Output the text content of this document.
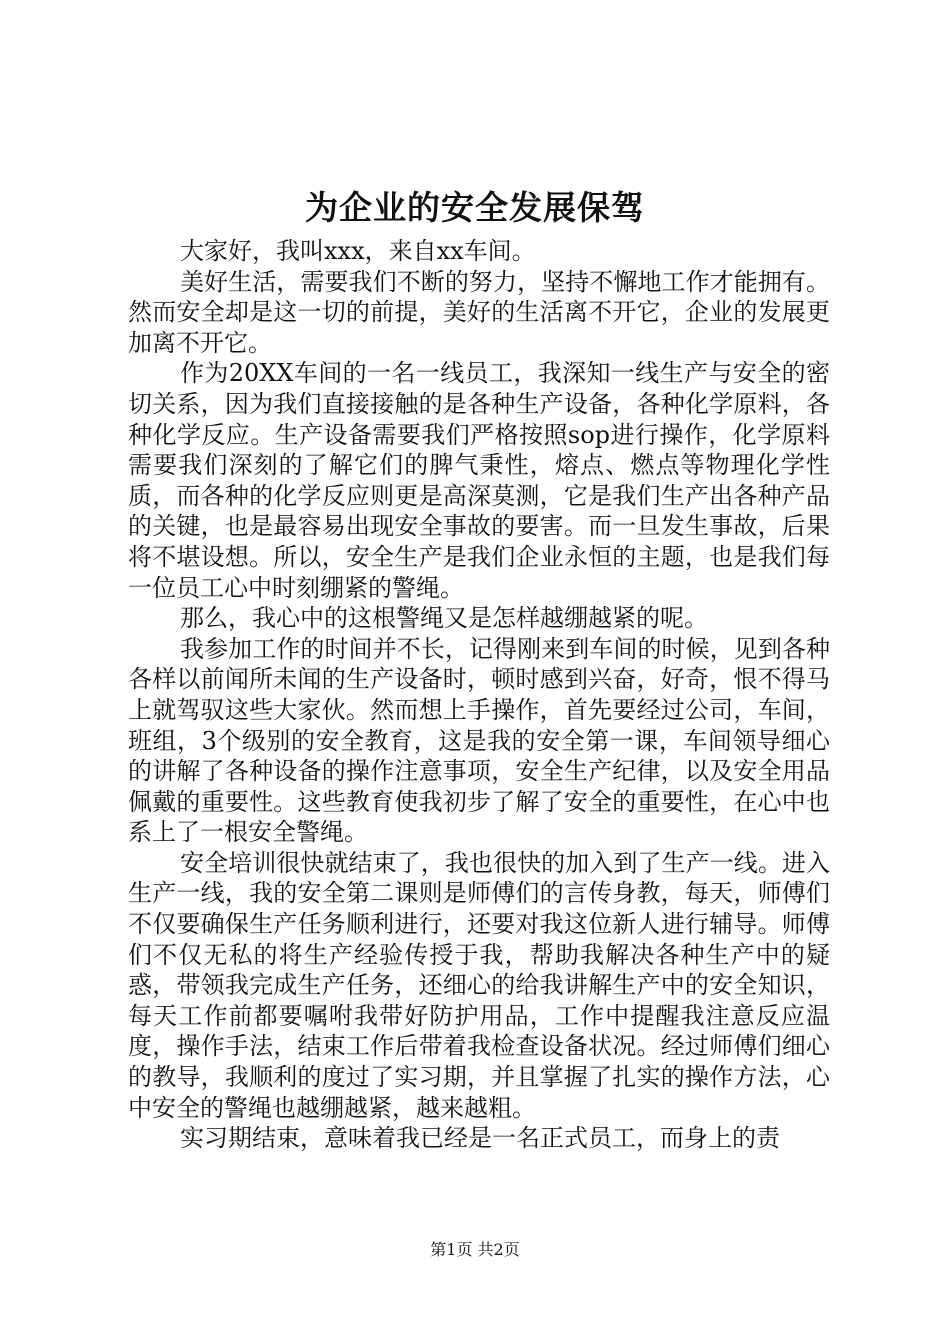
为企业的安全发展保驾

大家好，我叫xxx，来自xx车间。

美好生活，需要我们不断的努力，坚持不懈地工作才能拥有。然而安全却是这一切的前提，美好的生活离不开它，企业的发展更加离不开它。

作为20XX车间的一名一线员工，我深知一线生产与安全的密切关系，因为我们直接接触的是各种生产设备，各种化学原料，各种化学反应。生产设备需要我们严格按照sop进行操作，化学原料需要我们深刻的了解它们的脾气秉性，熔点、燃点等物理化学性质，而各种的化学反应则更是高深莫测，它是我们生产出各种产品的关键，也是最容易出现安全事故的要害。而一旦发生事故，后果将不堪设想。所以，安全生产是我们企业永恒的主题，也是我们每一位员工心中时刻绷紧的警绳。

那么，我心中的这根警绳又是怎样越绷越紧的呢。

我参加工作的时间并不长，记得刚来到车间的时候，见到各种各样以前闻所未闻的生产设备时，顿时感到兴奋，好奇，恨不得马上就驾驭这些大家伙。然而想上手操作，首先要经过公司，车间，班组，3个级别的安全教育，这是我的安全第一课，车间领导细心的讲解了各种设备的操作注意事项，安全生产纪律，以及安全用品佩戴的重要性。这些教育使我初步了解了安全的重要性，在心中也系上了一根安全警绳。

安全培训很快就结束了，我也很快的加入到了生产一线。进入生产一线，我的安全第二课则是师傅们的言传身教，每天，师傅们不仅要确保生产任务顺利进行，还要对我这位新人进行辅导。师傅们不仅无私的将生产经验传授于我，帮助我解决各种生产中的疑惑，带领我完成生产任务，还细心的给我讲解生产中的安全知识，每天工作前都要嘱咐我带好防护用品，工作中提醒我注意反应温度，操作手法，结束工作后带着我检查设备状况。经过师傅们细心的教导，我顺利的度过了实习期，并且掌握了扎实的操作方法，心中安全的警绳也越绷越紧，越来越粗。

实习期结束，意味着我已经是一名正式员工，而身上的责

第1页 共2页
